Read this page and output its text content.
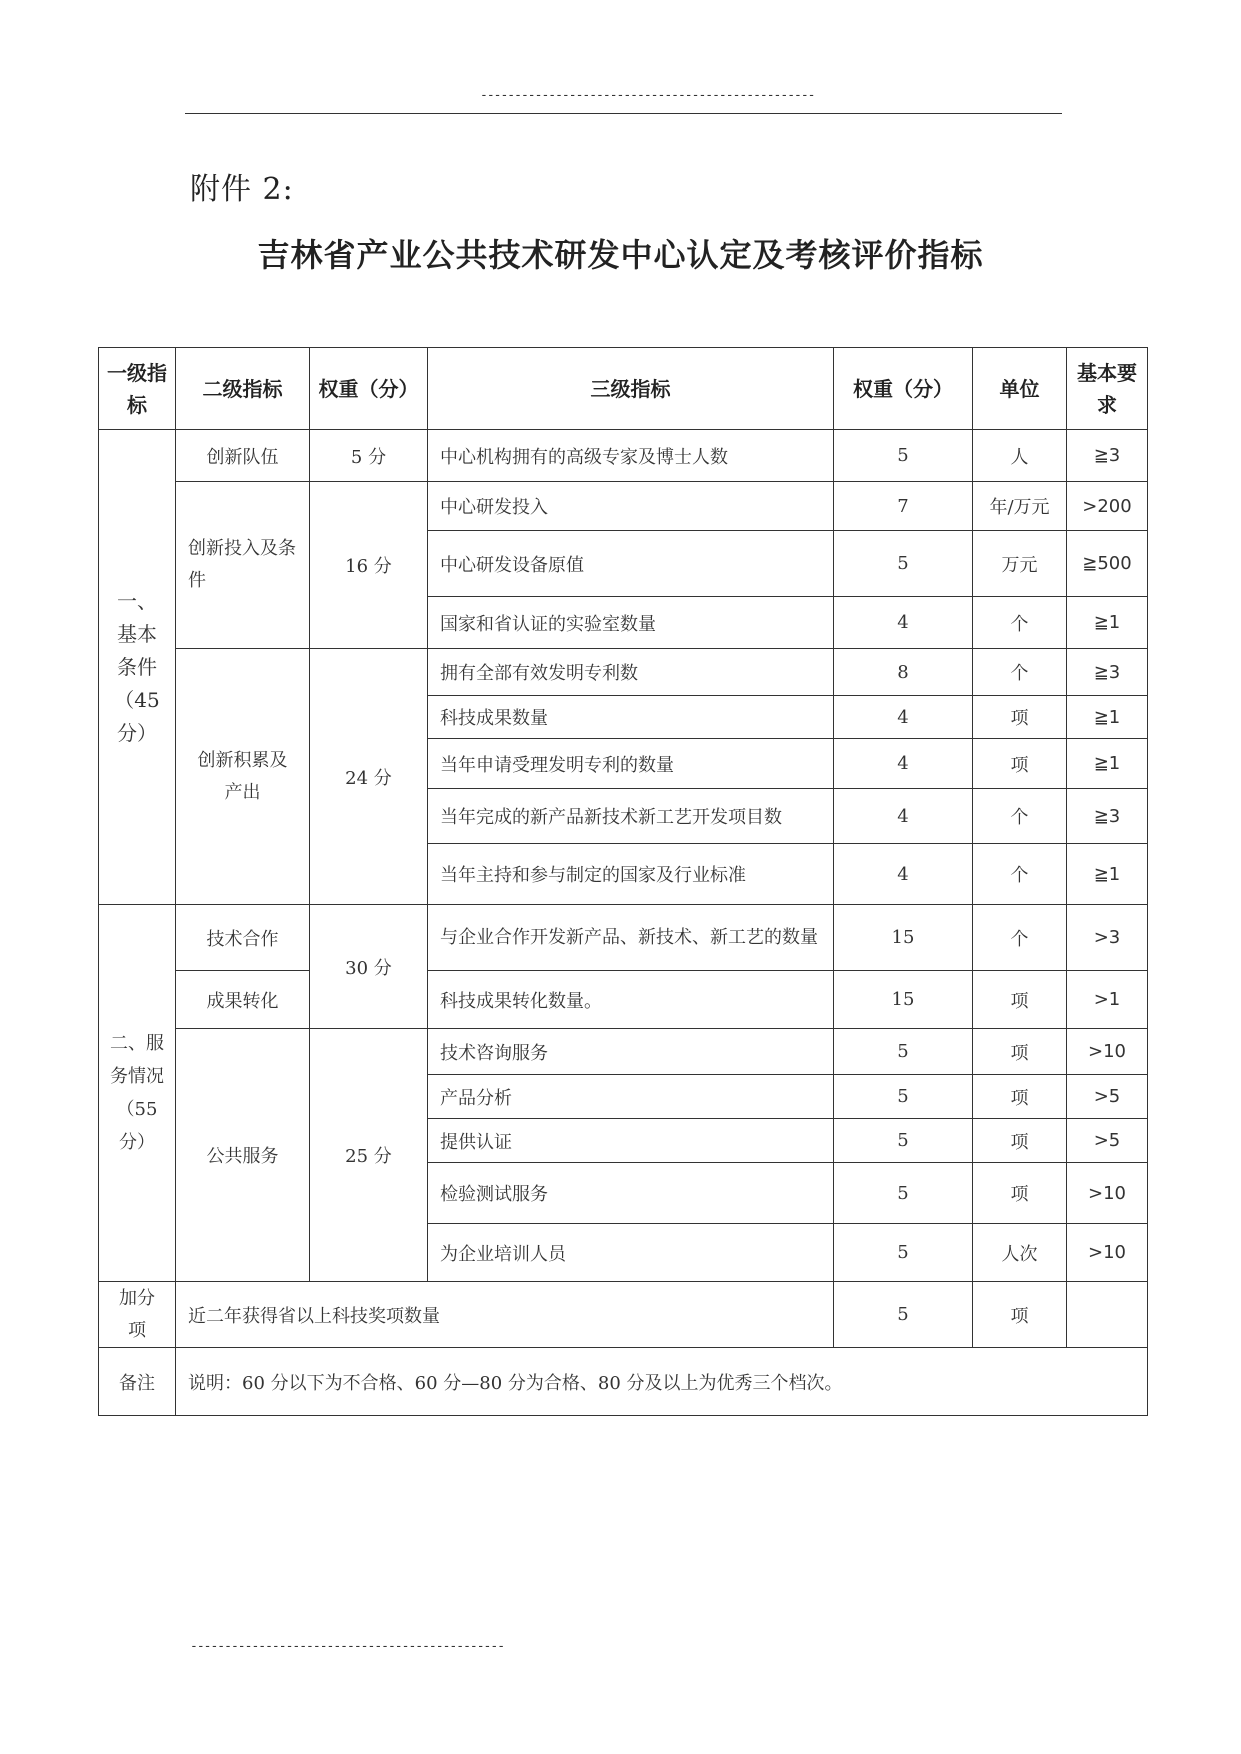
-------------------------------------------------
附件 2:
吉林省产业公共技术研发中心认定及考核评价指标
一级指标	二级指标	权重（分）	三级指标	权重（分）	单位	基本要求
一、基本条件（45分）	创新队伍	5 分	中心机构拥有的高级专家及博士人数	5	人	≧3
	创新投入及条件	16 分	中心研发投入	7	年/万元	>200
			中心研发设备原值	5	万元	≧500
			国家和省认证的实验室数量	4	个	≧1
	创新积累及产出	24 分	拥有全部有效发明专利数	8	个	≧3
			科技成果数量	4	项	≧1
			当年申请受理发明专利的数量	4	项	≧1
			当年完成的新产品新技术新工艺开发项目数	4	个	≧3
			当年主持和参与制定的国家及行业标准	4	个	≧1
二、服务情况（55分）	技术合作	30 分	与企业合作开发新产品、新技术、新工艺的数量	15	个	>3
	成果转化		科技成果转化数量。	15	项	>1
	公共服务	25 分	技术咨询服务	5	项	>10
			产品分析	5	项	>5
			提供认证	5	项	>5
			检验测试服务	5	项	>10
			为企业培训人员	5	人次	>10
加分项	近二年获得省以上科技奖项数量			5	项	
备注	说明：60 分以下为不合格、60 分—80 分为合格、80 分及以上为优秀三个档次。					
----------------------------------------------
